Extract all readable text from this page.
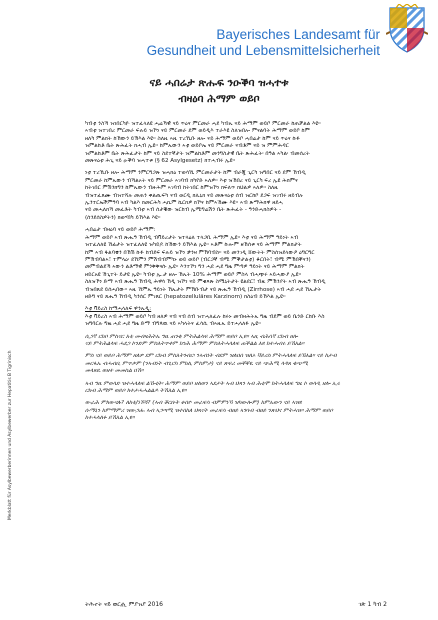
Bayerisches Landesamt für
Gesundheit und Lebensmittelsicherheit
ናይ ሓበሬታ ጽሑፍ ንዑቕባ ዝሓተቱ
ብዛዕባ ሕማም ወይቦ
ካብቲ ንስኻ ዝነበርካዮ ዝተፈላለዩ ሓሬኻዊ ናይ ጥዕና ምርመራ ሓደ ካብኡ ናይ ሕማም ወይቦ ምርመራ ከጠቓልል እዩ።
ኣብቲ ዝተገበረ ምርመራ ፍሉይ ዝኾነ ናይ ምርመራ ደም ወይዲእ ተራእዩ ስለዝበሎ ምናልባት ሕማም ወይቦ ከም
ዘለካ ምልክት ከኸውን ይኽእል እዩ። ስለዚ ኣዚ ተረኺቡ ዘሎ ናይ ሕማም ወይቦ ሓበሬታ ከም ናይ ጥዕና ኩፉ
ዝምልከቶ ቤት ጽሕፈት ክሓብ ኢዩ። ከምኡውን ኣቲ ወይቦኤ ናይ ምርመራ ናብቶም ናይ ዝ ምምሕዳር
ዝምልከቶም ቤት ጽሕፈታት ከም ናይ ስደተኛታት ዝምልከቶም መንግስታዊ ቤት ጽሕፈት፡ በዓል ኣካል፡ ብመሰረት
መጽናዕቲ ሕጊ ናይ ዑቕባ ዝሓተቱ (§ 62 Asylgesetz) ክተሓብሩ ኢዩ።
ነቲ ተረኺቡ ዘሎ ሕማም ንምርግጋጽ ዝሓክዕ ተወሳኺ ምርመራታት ከም ብራጂ ጊርካ ዝግበር ናይ ደም ኸብዲ
ምርመራ ከምኡውን ብኻልኦት ናይ ምርመራ ኣገባብ ክካየድ ኣለዎ። እቲ ዝኸበረ ናይ ጊርካ ፍረ ኢዩ ሕክምና
ከትገበር ምሽንክግን ከምኡውን ብዙሕም ኣገባብ ከትገበር ከምዝኾነ ክፍለጥ ክህልዎ ኣለዎ። ስለዚ
ብዝተፈጸሙ ብዝተሻሉ መጠን ቀልጢፍካ ናብ ወርዲ ክሊኒክ ናይ መጽናዕቲ ሰብ ዝርከቦ ደጋፍ ዝገብሩ ዘይብሉ
ኢንተርኤችምዓባ ኣብ ካልእ ክመርሕካ ሓኪም ኬርክዎ ክኾና ከምኣኸሙ እዩ። ኣብ ጽማሕክዋ ዘደሓ
ናይ መሓለክኻ መፈቶት ካብቲ ኣብ ሰታቑው ዝርከብ ኢሚግሬሽን ቤት ጽሕፈት - ዓንድሓክስዎት -
(ሰንደሰስዎትን) ክወሃበካ ይኸእል እዩ።
ሓበሬታ ብዛዕባ ናይ ወይቦ ሕማም:
ሕማም ወይቦ ኣብ ጽሒዓ ኸብዲ ብቫይረታት ዝተላዕለ ተላጋቢ ሕማም ኢዩ። እቲ ናይ ሕማም ዓይነት ኣብ
ዝተፈለለዩ ኸፊታት ዝተፈለለዩ ዝካይዶ ከኸውን ይኽእል ኢዩ። ኣቶም ኩሎም ዘኸሰቱ ናይ ሕማም ምልክታት
ከም ኣብ ፋልባቼን በኸሽ ኩፉ ከብደፍ ፍሉይ ዝኾነ ቃንዛ ምኽባብስ። ናይ መንገዲ ሸውትት ምስሰዝደላውዖ ዕግርግር
ምኽብባልኣ፣ ተምላዕ፡ ደኸምን ምሽብብምካኑ ወይ ወይቦ (ብርጋኛ ብሚ ምቕታልቲ) ቆርበት፣ ብሚ ምኽበቐናን)
መምብልደኻ ኣውን ልቶማዊ ምንቅቅናሱ ኢዩ። እንተኾነ ግን ሓደ ሓደ ግዜ ምጣዎ ዓይነት ናይ ሕማም ምልክት
ዘይርአዩ ኸጊተት ይታዩ ኢዩ። ካብቲ ኢ.ታ ዘሎ ኸኡት 10% ሕማም ወይቦ ምስላ ብሓጭሩ ኣይሓውያ ኢዩ።
ስለዝኾነ ድማ ኣብ ጽሒዓ ኸብዲ ሕዋሳ ኸዲ ዝኾነ ናይ ምቁጻጽ ስሚኒትታት ዩልደር፣ ብዚ ምኽንያት ኣብ ጽሒዓ ኸብዲ
ብዝበጸደ ይሰሓበው። ኣዚ ኸምኡ ዓይነት ኸኡታት ምኽቡብታ ናይ ጽሒዓ ኸብዲ (Zirrhose) ኣብ ሓደ ሓደ ኸኡታት
ዘድግ ናይ ጸሒዓ ኸብዲ ካንሰር ምገጸር (hepatozelluläres Karzinom) ክስዕብ ይኸእል ኢዩ።
እቲ ቫይረስ ከማሓላለፍ ዋንኡዲ:
እቲ ቫይረስ ኣብ ሕማም ወይቦ ካብ ዘለዎ ናብ ናብ ሰብ ዝተሓለፈሉ ከሩኑ መብዛሕትኡ ግዜ ብደም ወይ ቤንድ ርከቡ እስ
ዝግባርሉ ግዜ ሓደ ሓደ ግዜ ድማ ብግጳዉ ናይ ኣካላትና ፈሳሲ ብኣዚኡ ይተሓላለፉ ኢዩ።
ሲጋኛ ርከቦ ምስናር እቲ መብዛሕትኡ ግዜ ጠንቂ ምትሕልላፍ ሕማም ወይቦ ኢዩ። ኣዚ ብሕሳኛ ርከብ ዘሎ
ናይ ምትሕልላፍ ሓደጋ ኮንድም ምስእትጥቀም ከንሕ ሕማም ምስእትሓላለፍ ጠቕልል እዩ ከተሓብሩ ይኽእል።
ምስ ናይ ወይቦ ሕማም ዘለዎ ደም ርከብ ምስእትገብር፡ ንኣብነት ብደም ዝለበሰ ዝለኦ ቫይረስ ምትሓላለፍ ይኽእል። ናይ ከታብ
መርፋኡ ብሓብቢ ምጥቃም (ንኣብነት ብጊርካ ምክሊ ምስምታ) ናይ ጽፍሪ መቐቐዪ ናይ ጭሕሚ ላዳጸ ቁጭሚ
መላጸዪ ወዘተ መመስል በኸ።
ኣብ ግዜ ምወላድ ዝተሓላለፍ ልኹቲት፡ ሕማም ወይቦ ዘለወን ኣደታት ኣብ ህጻን ኣብ ሕቲሞ ክትሓላለፍ ግዜ ኮ ወላዲ ዘሎ ኢሩ
ርከብ ሕማም ወይቦ ክተታሓሓልልዶ ትኸእል ኢዩ።
ውራሕ ምክውናሉ? ለከቲ/ነኾሻ? (ኣብ ቖርቡት ቆሰዮ መራፍሳ ብምምነኻ ዝካውሎም) ከምኡውን ናይ ኣዝዩ
ሱማኒን ከምማምሪ ዝውጋሑ ኣብ ኣጋጣሚ ዝተሰከለ ህጻናት መራፍሳ ብዘይ ኣገባብ ብዘይ ንጽህና ምትሓዝ። ሕማም ወይቦ
ከተሓላለፉ ይኸእል ኢዩ።
ትሕተት ናይ ወርሒ ምያዝያ 2016	ገጽ 1 ካብ 2
Merkblatt für Asylbewerberinnen und Asylbewerber zur Hepatitis B Tigrinisch
